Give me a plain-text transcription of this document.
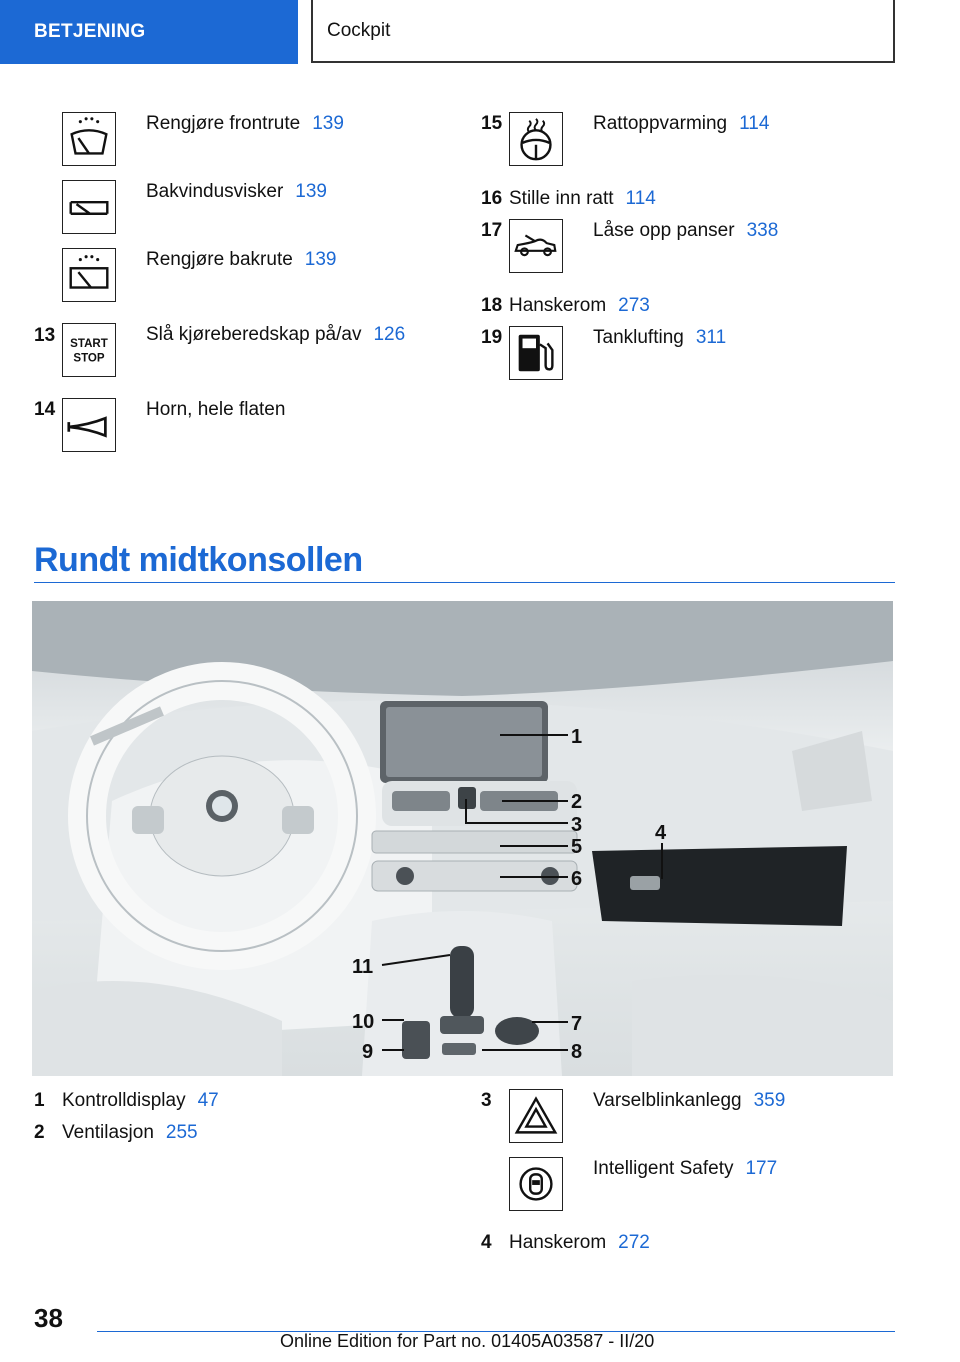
BETJENING	Cockpit
Rengjøre frontrute 139
Bakvindusvisker 139
Rengjøre bakrute 139
13 START
STOP
Slå kjøreberedskap på/av 126
14	Horn, hele flaten
15	Rattoppvarming 114
16 Stille inn ratt 114
17	Låse opp panser 338
18 Hanskerom 273
19	Tanklufting 311
Rundt midtkonsollen
1
2
3	4
5
6
7
8
9
10
11
1 Kontrolldisplay 47
2 Ventilasjon 255
3	Varselblinkanlegg 359
Intelligent Safety 177
4 Hanskerom 272
38
Online Edition for Part no. 01405A03587 - II/20
